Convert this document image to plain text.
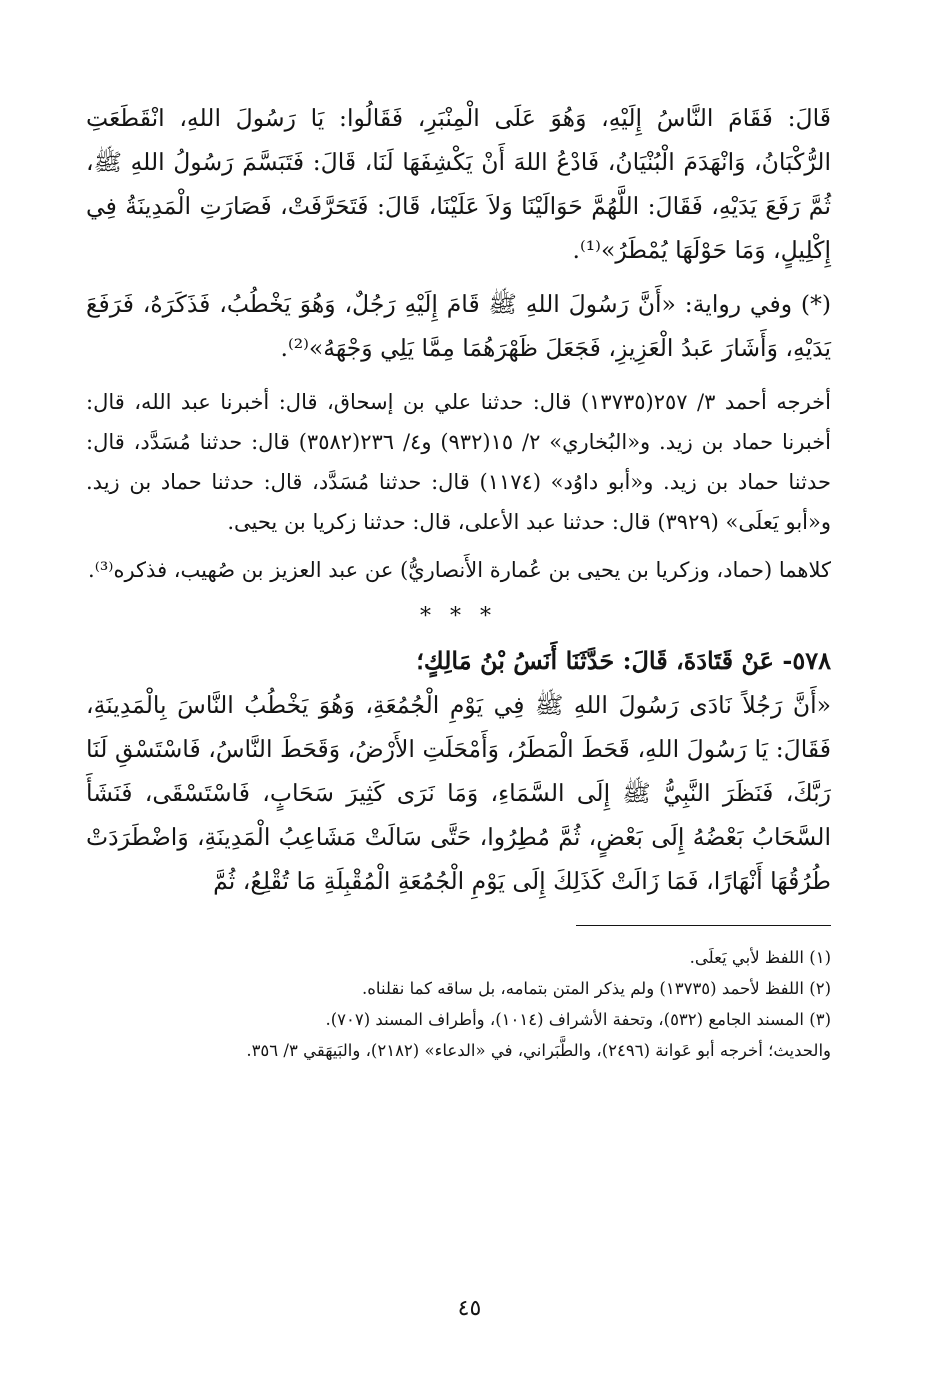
قَالَ: فَقَامَ النَّاسُ إِلَيْهِ، وَهُوَ عَلَى الْمِنْبَرِ، فَقَالُوا: يَا رَسُولَ اللهِ، انْقَطَعَتِ الرُّكْبَانُ، وَانْهَدَمَ الْبُنْيَانُ، فَادْعُ اللهَ أَنْ يَكْشِفَهَا لَنَا، قَالَ: فَتَبَسَّمَ رَسُولُ اللهِ ﷺ، ثُمَّ رَفَعَ يَدَيْهِ، فَقَالَ: اللَّهُمَّ حَوَالَيْنَا وَلاَ عَلَيْنَا، قَالَ: فَتَحَرَّفَتْ، فَصَارَتِ الْمَدِينَةُ فِي إِكْلِيلٍ، وَمَا حَوْلَهَا يُمْطَرُ»⁽¹⁾.

(*) وفي رواية: «أَنَّ رَسُولَ اللهِ ﷺ قَامَ إِلَيْهِ رَجُلٌ، وَهُوَ يَخْطُبُ، فَذَكَرَهُ، فَرَفَعَ يَدَيْهِ، وَأَشَارَ عَبدُ الْعَزِيزِ، فَجَعَلَ ظَهْرَهُمَا مِمَّا يَلِي وَجْهَهُ»⁽²⁾.

أخرجه أحمد ٣/ ٢٥٧(١٣٧٣٥) قال: حدثنا علي بن إسحاق، قال: أخبرنا عبد الله، قال: أخبرنا حماد بن زيد. و«البُخاري» ٢/ ١٥(٩٣٢) و٤/ ٢٣٦(٣٥٨٢) قال: حدثنا مُسَدَّد، قال: حدثنا حماد بن زيد. و«أبو داوُد» (١١٧٤) قال: حدثنا مُسَدَّد، قال: حدثنا حماد بن زيد. و«أبو يَعلَى» (٣٩٢٩) قال: حدثنا عبد الأعلى، قال: حدثنا زكريا بن يحيى.

كلاهما (حماد، وزكريا بن يحيى بن عُمارة الأَنصاريُّ) عن عبد العزيز بن صُهيب، فذكره⁽³⁾.

* * *

٥٧٨- عَنْ قَتَادَةَ، قَالَ: حَدَّثَنَا أَنَسُ بْنُ مَالِكٍ؛

«أَنَّ رَجُلاً نَادَى رَسُولَ اللهِ ﷺ فِي يَوْمِ الْجُمُعَةِ، وَهُوَ يَخْطُبُ النَّاسَ بِالْمَدِينَةِ، فَقَالَ: يَا رَسُولَ اللهِ، قَحَطَ الْمَطَرُ، وَأَمْحَلَتِ الأَرْضُ، وَقَحَطَ النَّاسُ، فَاسْتَسْقِ لَنَا رَبَّكَ، فَنَظَرَ النَّبِيُّ ﷺ إِلَى السَّمَاءِ، وَمَا نَرَى كَثِيرَ سَحَابٍ، فَاسْتَسْقَى، فَنَشَأَ السَّحَابُ بَعْضُهُ إِلَى بَعْضٍ، ثُمَّ مُطِرُوا، حَتَّى سَالَتْ مَشَاعِبُ الْمَدِينَةِ، وَاضْطَرَدَتْ طُرُقُهَا أَنْهَارًا، فَمَا زَالَتْ كَذَلِكَ إِلَى يَوْمِ الْجُمُعَةِ الْمُقْبِلَةِ مَا تُقْلِعُ، ثُمَّ

(١) اللفظ لأبي يَعلَى.

(٢) اللفظ لأحمد (١٣٧٣٥) ولم يذكر المتن بتمامه، بل ساقه كما نقلناه.

(٣) المسند الجامع (٥٣٢)، وتحفة الأشراف (١٠١٤)، وأطراف المسند (٧٠٧).

والحديث؛ أخرجه أبو عَوانة (٢٤٩٦)، والطَّبَراني، في «الدعاء» (٢١٨٢)، والبَيهَقي ٣/ ٣٥٦.

٤٥
